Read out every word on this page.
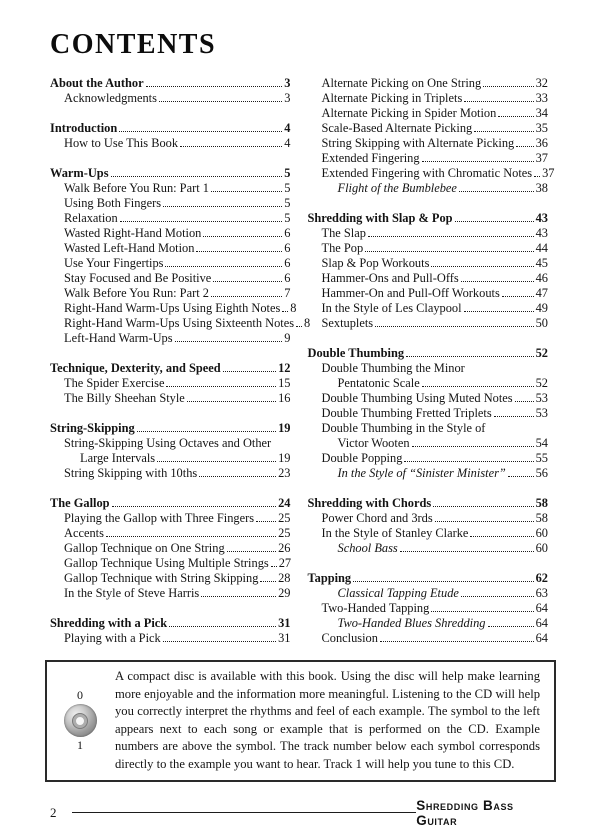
CONTENTS
About the Author	3
Acknowledgments	3
Introduction	4
How to Use This Book	4
Warm-Ups	5
Walk Before You Run: Part 1	5
Using Both Fingers	5
Relaxation	5
Wasted Right-Hand Motion	6
Wasted Left-Hand Motion	6
Use Your Fingertips	6
Stay Focused and Be Positive	6
Walk Before You Run: Part 2	7
Right-Hand Warm-Ups Using Eighth Notes 8
Right-Hand Warm-Ups Using Sixteenth Notes 8
Left-Hand Warm-Ups	9
Technique, Dexterity, and Speed	12
The Spider Exercise	15
The Billy Sheehan Style	16
String-Skipping	19
String-Skipping Using Octaves and Other
Large Intervals	19
String Skipping with 10ths	23
The Gallop	24
Playing the Gallop with Three Fingers 25
Accents	25
Gallop Technique on One String	26
Gallop Technique Using Multiple Strings 27
Gallop Technique with String Skipping 28
In the Style of Steve Harris	29
Shredding with a Pick	31
Playing with a Pick	31
Alternate Picking on One String	32
Alternate Picking in Triplets	33
Alternate Picking in Spider Motion	34
Scale-Based Alternate Picking	35
String Skipping with Alternate Picking 36
Extended Fingering	37
Extended Fingering with Chromatic Notes 37
Flight of the Bumblebee	38
Shredding with Slap & Pop	43
The Slap	43
The Pop	44
Slap & Pop Workouts	45
Hammer-Ons and Pull-Offs	46
Hammer-On and Pull-Off Workouts	47
In the Style of Les Claypool	49
Sextuplets	50
Double Thumbing	52
Double Thumbing the Minor
Pentatonic Scale	52
Double Thumbing Using Muted Notes 53
Double Thumbing Fretted Triplets	53
Double Thumbing in the Style of
Victor Wooten	54
Double Popping	55
In the Style of “Sinister Minister” 56
Shredding with Chords	58
Power Chord and 3rds	58
In the Style of Stanley Clarke	60
School Bass	60
Tapping	62
Classical Tapping Etude	63
Two-Handed Tapping	64
Two-Handed Blues Shredding	64
Conclusion	64
0
1

A compact disc is available with this book. Using the disc will help make learning more enjoyable and the information more meaningful. Listening to the CD will help you correctly interpret the rhythms and feel of each example. The symbol to the left appears next to each song or example that is performed on the CD. Example numbers are above the symbol. The track number below each symbol corresponds directly to the example you want to hear. Track 1 will help you tune to this CD.

2	Shredding Bass Guitar
